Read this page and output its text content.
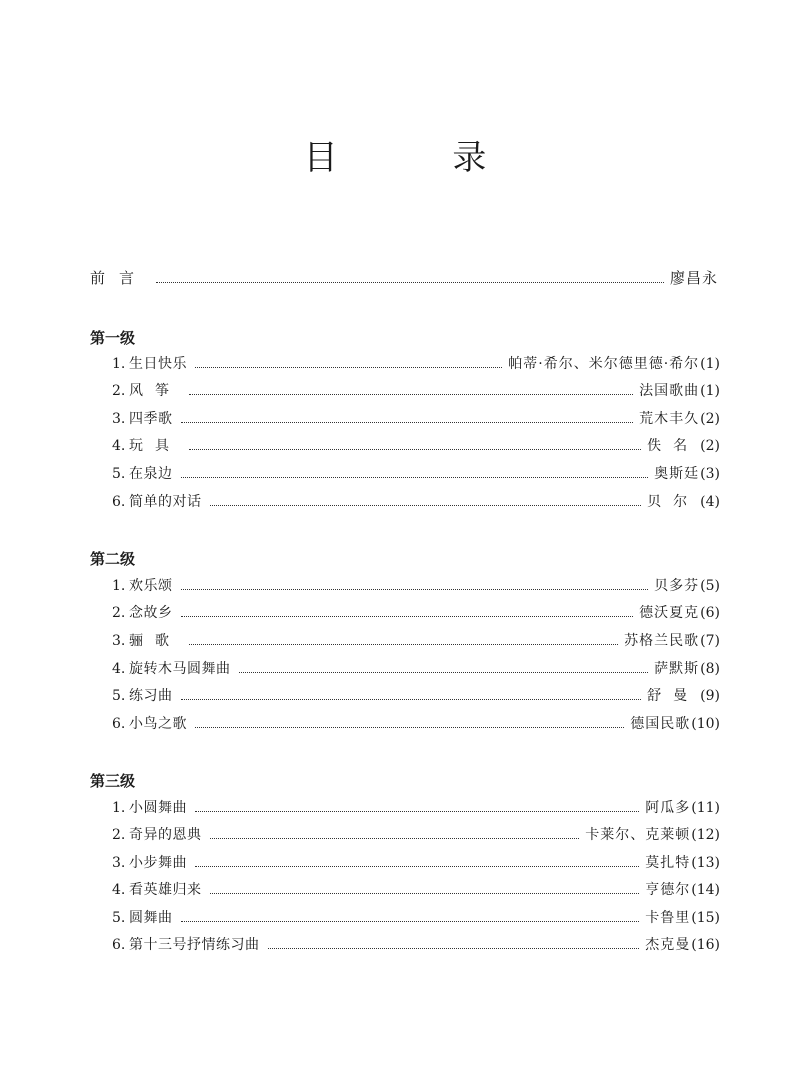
目 录
前言	廖昌永
第一级
1. 生日快乐	帕蒂·希尔、米尔德里德·希尔 (1)
2. 风筝	法国歌曲 (1)
3. 四季歌	荒木丰久 (2)
4. 玩具	佚名 (2)
5. 在泉边	奥斯廷 (3)
6. 简单的对话	贝尔 (4)
第二级
1. 欢乐颂	贝多芬 (5)
2. 念故乡	德沃夏克 (6)
3. 骊歌	苏格兰民歌 (7)
4. 旋转木马圆舞曲	萨默斯 (8)
5. 练习曲	舒曼 (9)
6. 小鸟之歌	德国民歌 (10)
第三级
1. 小圆舞曲	阿瓜多 (11)
2. 奇异的恩典	卡莱尔、克莱顿 (12)
3. 小步舞曲	莫扎特 (13)
4. 看英雄归来	亨德尔 (14)
5. 圆舞曲	卡鲁里 (15)
6. 第十三号抒情练习曲	杰克曼 (16)
